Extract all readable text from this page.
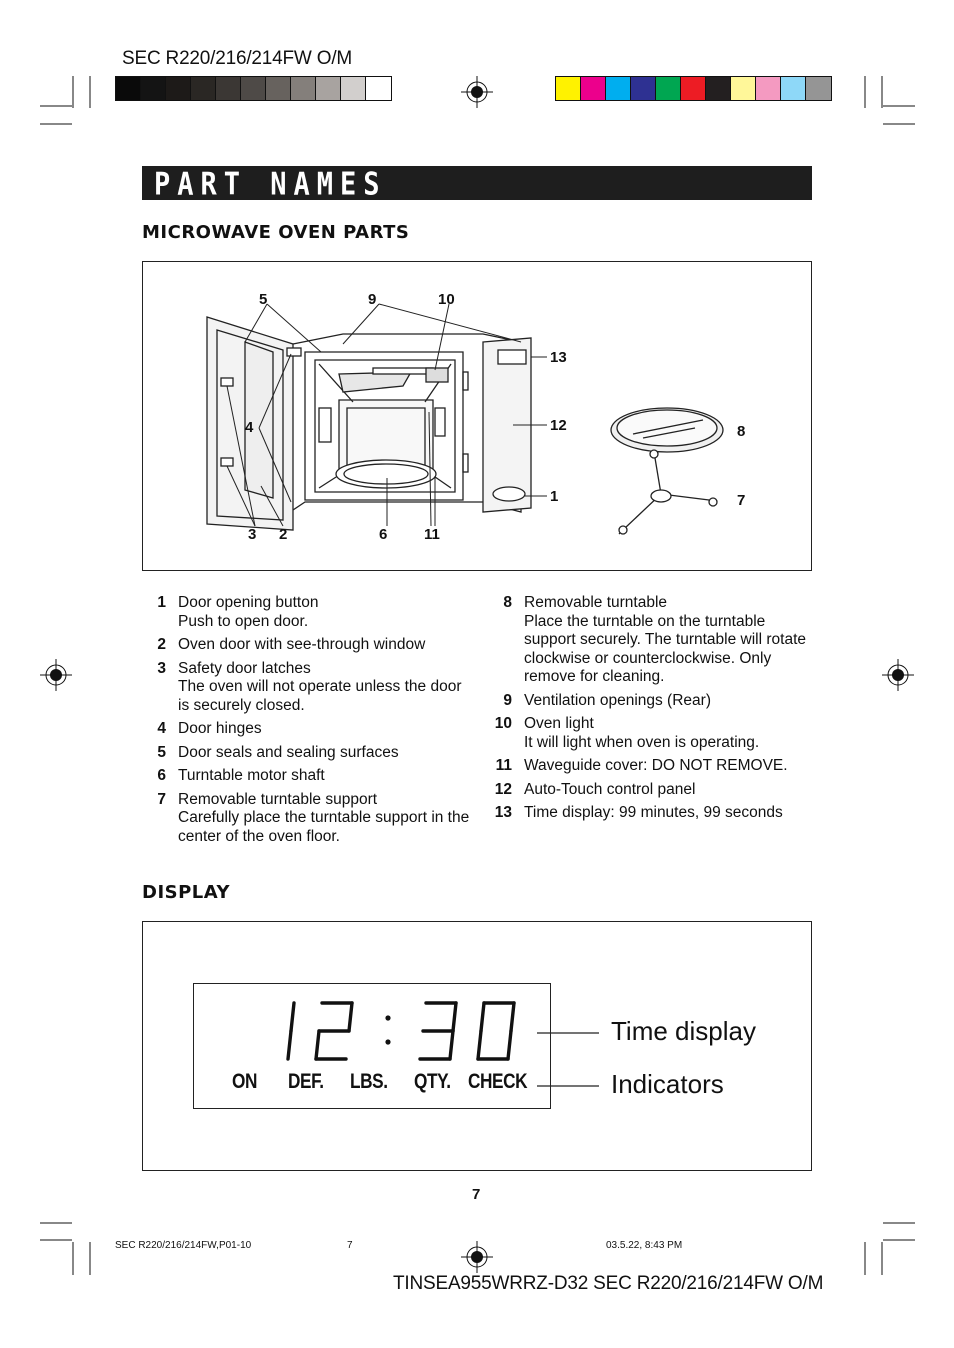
SEC R220/216/214FW O/M
PART NAMES
MICROWAVE OVEN PARTS
5	9	10
13
12	8
4
1	7
3 2	6 11
1 Door opening button
Push to open door.
2 Oven door with see-through window
3 Safety door latches
The oven will not operate unless the door is securely closed.
4 Door hinges
5 Door seals and sealing surfaces
6 Turntable motor shaft
7 Removable turntable support
Carefully place the turntable support in the center of the oven floor.
8 Removable turntable
Place the turntable on the turntable support securely. The turntable will rotate clockwise or counterclockwise. Only remove for cleaning.
9 Ventilation openings (Rear)
10 Oven light
It will light when oven is operating.
11 Waveguide cover: DO NOT REMOVE.
12 Auto-Touch control panel
13 Time display: 99 minutes, 99 seconds
DISPLAY
ON DEF. LBS. QTY. CHECK
Time display
Indicators
7
SEC R220/216/214FW,P01-10	7	03.5.22, 8:43 PM
TINSEA955WRRZ-D32 SEC R220/216/214FW O/M
